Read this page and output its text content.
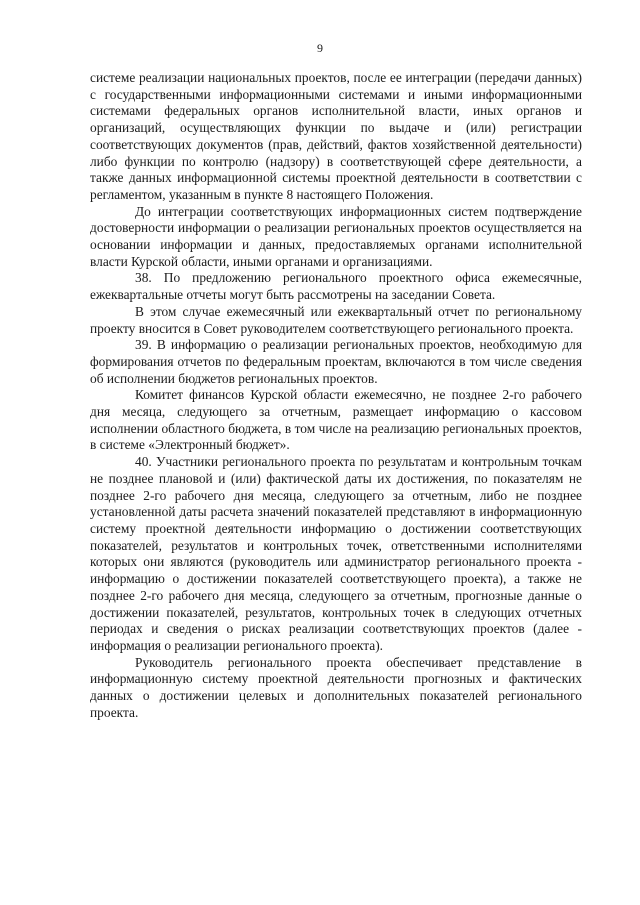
9

системе реализации национальных проектов, после ее интеграции (передачи данных) с государственными информационными системами и иными информационными системами федеральных органов исполнительной власти, иных органов и организаций, осуществляющих функции по выдаче и (или) регистрации соответствующих документов (прав, действий, фактов хозяйственной деятельности) либо функции по контролю (надзору) в соответствующей сфере деятельности, а также данных информационной системы проектной деятельности в соответствии с регламентом, указанным в пункте 8 настоящего Положения.

До интеграции соответствующих информационных систем подтверждение достоверности информации о реализации региональных проектов осуществляется на основании информации и данных, предоставляемых органами исполнительной власти Курской области, иными органами и организациями.

38. По предложению регионального проектного офиса ежемесячные, ежеквартальные отчеты могут быть рассмотрены на заседании Совета.

В этом случае ежемесячный или ежеквартальный отчет по региональному проекту вносится в Совет руководителем соответствующего регионального проекта.

39. В информацию о реализации региональных проектов, необходимую для формирования отчетов по федеральным проектам, включаются в том числе сведения об исполнении бюджетов региональных проектов.

Комитет финансов Курской области ежемесячно, не позднее 2-го рабочего дня месяца, следующего за отчетным, размещает информацию о кассовом исполнении областного бюджета, в том числе на реализацию региональных проектов, в системе «Электронный бюджет».

40. Участники регионального проекта по результатам и контрольным точкам не позднее плановой и (или) фактической даты их достижения, по показателям не позднее 2-го рабочего дня месяца, следующего за отчетным, либо не позднее установленной даты расчета значений показателей представляют в информационную систему проектной деятельности информацию о достижении соответствующих показателей, результатов и контрольных точек, ответственными исполнителями которых они являются (руководитель или администратор регионального проекта - информацию о достижении показателей соответствующего проекта), а также не позднее 2-го рабочего дня месяца, следующего за отчетным, прогнозные данные о достижении показателей, результатов, контрольных точек в следующих отчетных периодах и сведения о рисках реализации соответствующих проектов (далее - информация о реализации регионального проекта).

Руководитель регионального проекта обеспечивает представление в информационную систему проектной деятельности прогнозных и фактических данных о достижении целевых и дополнительных показателей регионального проекта.
